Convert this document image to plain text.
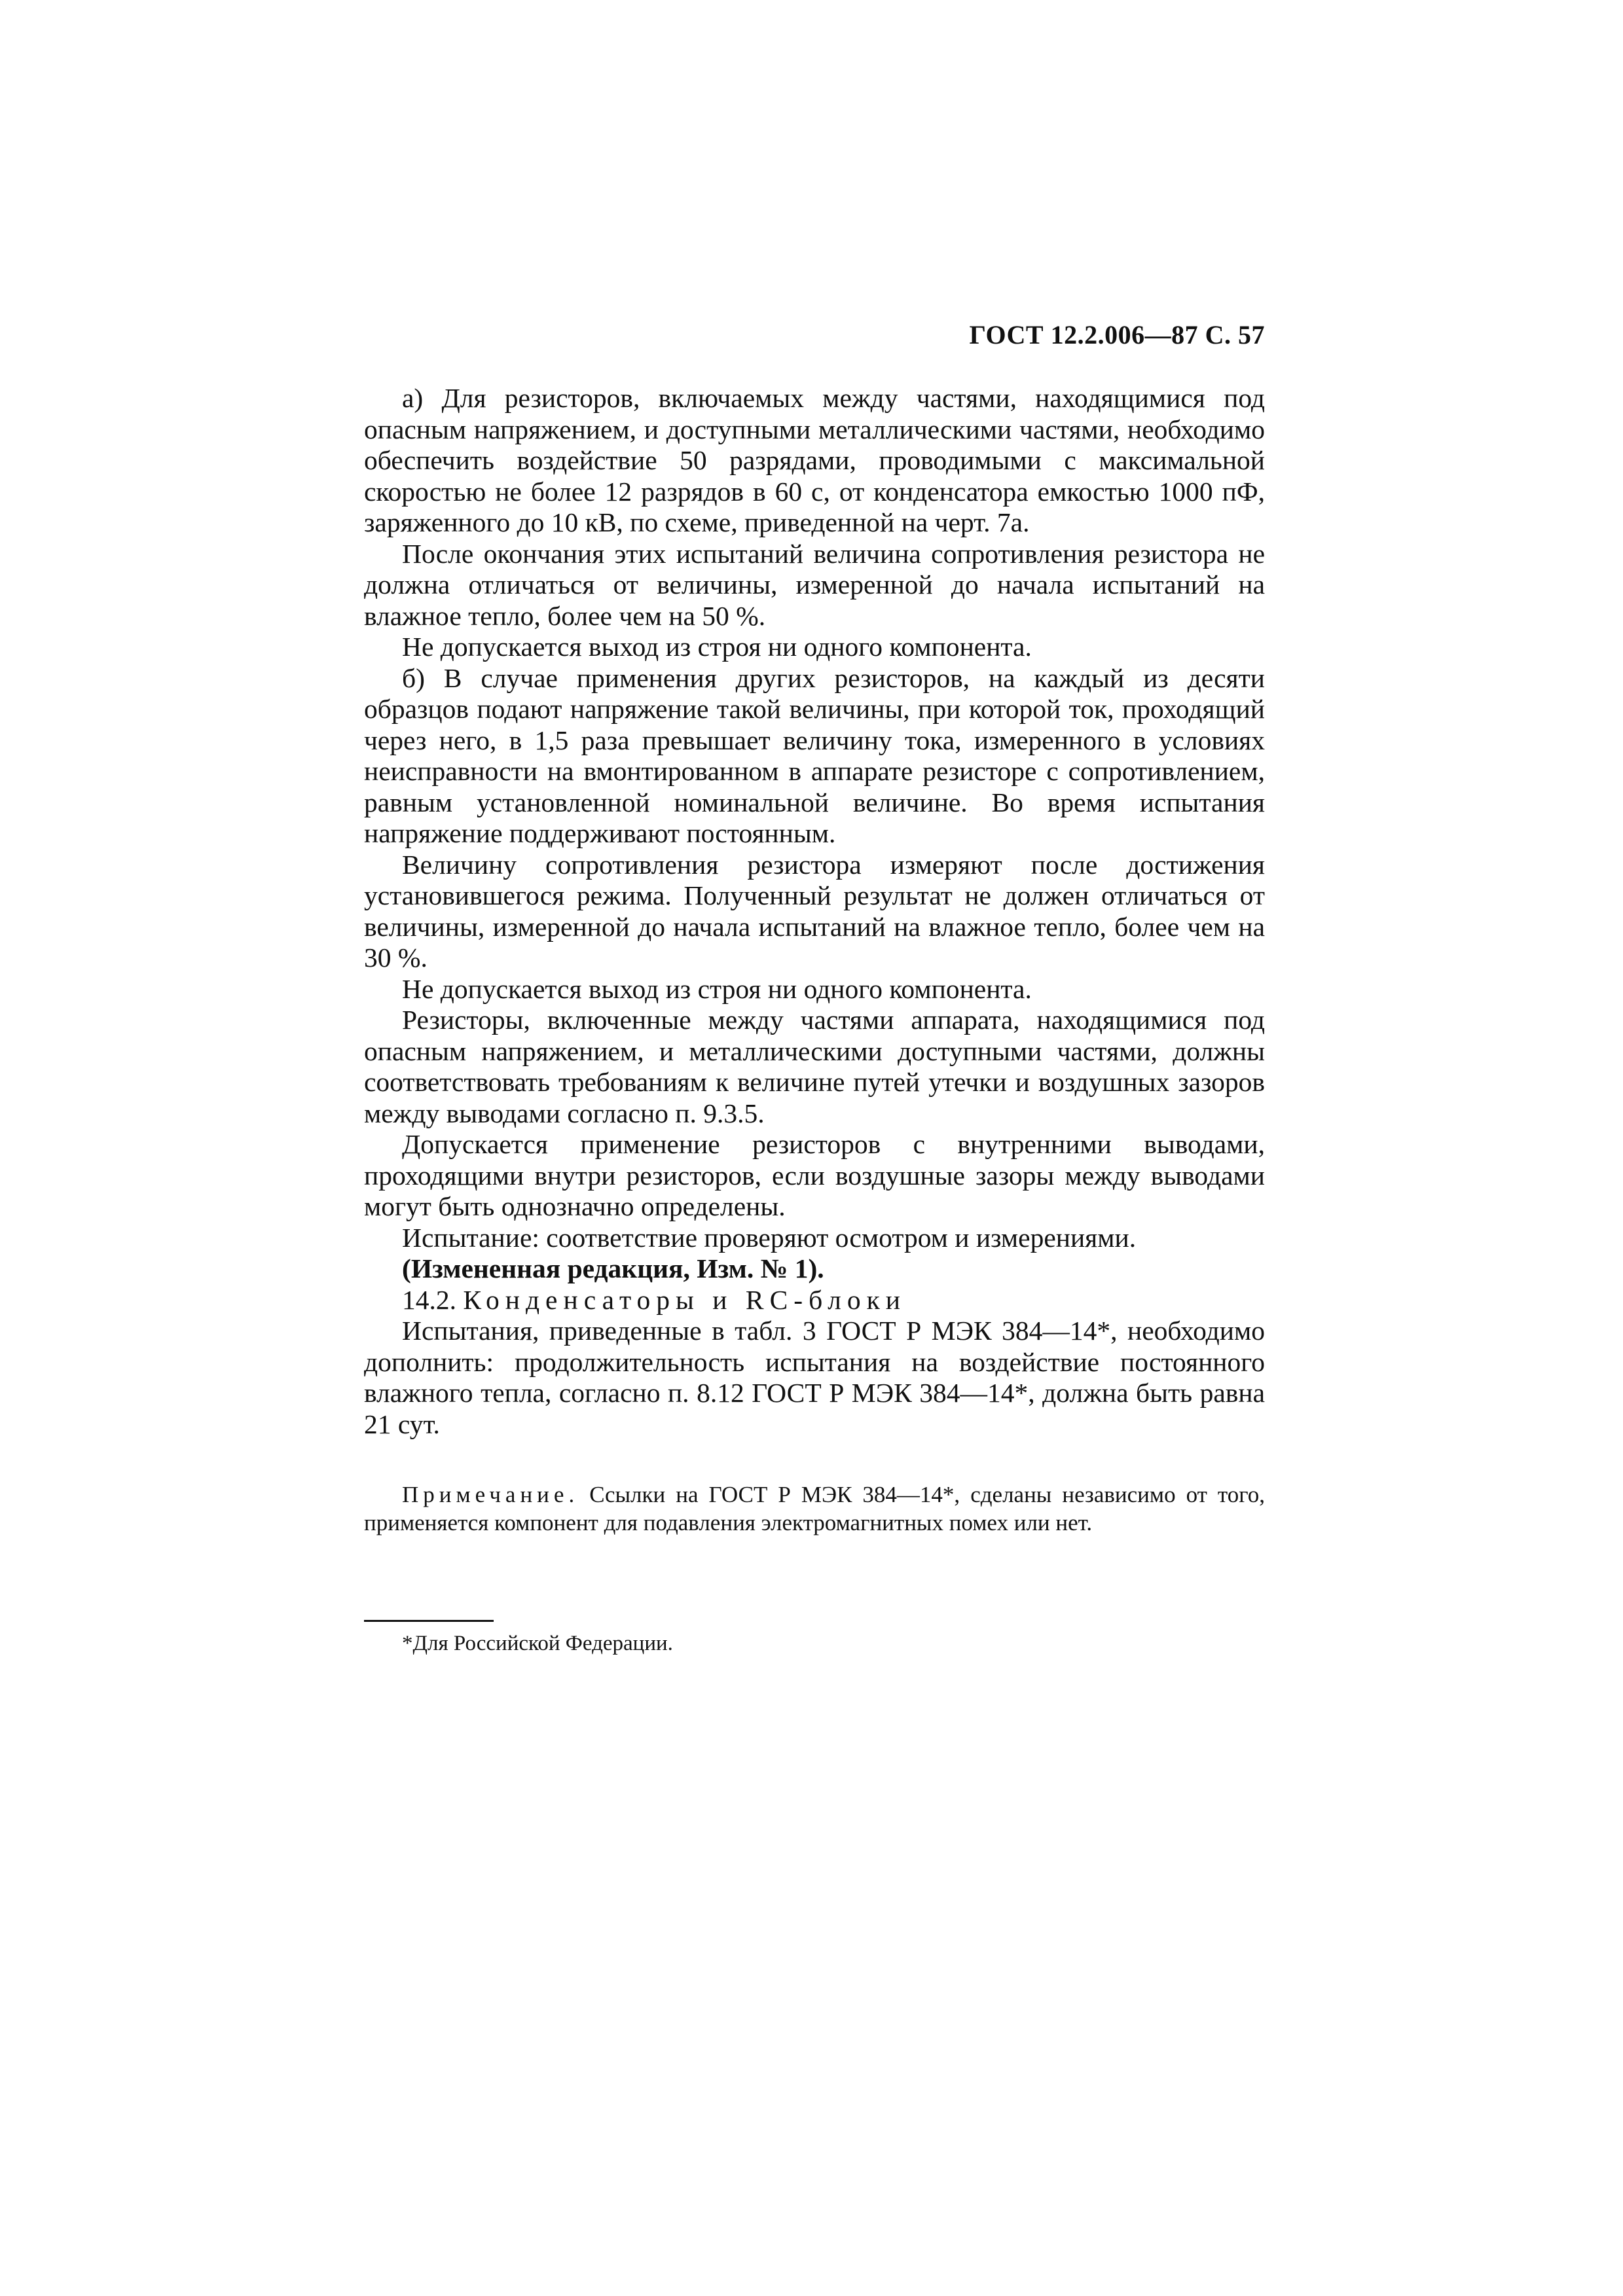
ГОСТ 12.2.006—87 С. 57

а) Для резисторов, включаемых между частями, находящимися под опасным напряжением, и доступными металлическими частями, необходимо обеспечить воздействие 50 разрядами, проводимыми с максимальной скоростью не более 12 разрядов в 60 с, от конденсатора емкостью 1000 пФ, заряженного до 10 кВ, по схеме, приведенной на черт. 7а.

После окончания этих испытаний величина сопротивления резистора не должна отличаться от величины, измеренной до начала испытаний на влажное тепло, более чем на 50 %.

Не допускается выход из строя ни одного компонента.

б) В случае применения других резисторов, на каждый из десяти образцов подают напряжение такой величины, при которой ток, проходящий через него, в 1,5 раза превышает величину тока, измеренного в условиях неисправности на вмонтированном в аппарате резисторе с сопротивлением, равным установленной номинальной величине. Во время испытания напряжение поддерживают постоянным.

Величину сопротивления резистора измеряют после достижения установившегося режима. Полученный результат не должен отличаться от величины, измеренной до начала испытаний на влажное тепло, более чем на 30 %.

Не допускается выход из строя ни одного компонента.

Резисторы, включенные между частями аппарата, находящимися под опасным напряжением, и металлическими доступными частями, должны соответствовать требованиям к величине путей утечки и воздушных зазоров между выводами согласно п. 9.3.5.

Допускается применение резисторов с внутренними выводами, проходящими внутри резисторов, если воздушные зазоры между выводами могут быть однозначно определены.

Испытание: соответствие проверяют осмотром и измерениями.

(Измененная редакция, Изм. № 1).

14.2. Конденсаторы и RC-блоки

Испытания, приведенные в табл. 3 ГОСТ Р МЭК 384—14*, необходимо дополнить: продолжительность испытания на воздействие постоянного влажного тепла, согласно п. 8.12 ГОСТ Р МЭК 384—14*, должна быть равна 21 сут.

Примечание. Ссылки на ГОСТ Р МЭК 384—14*, сделаны независимо от того, применяется компонент для подавления электромагнитных помех или нет.

*Для Российской Федерации.
